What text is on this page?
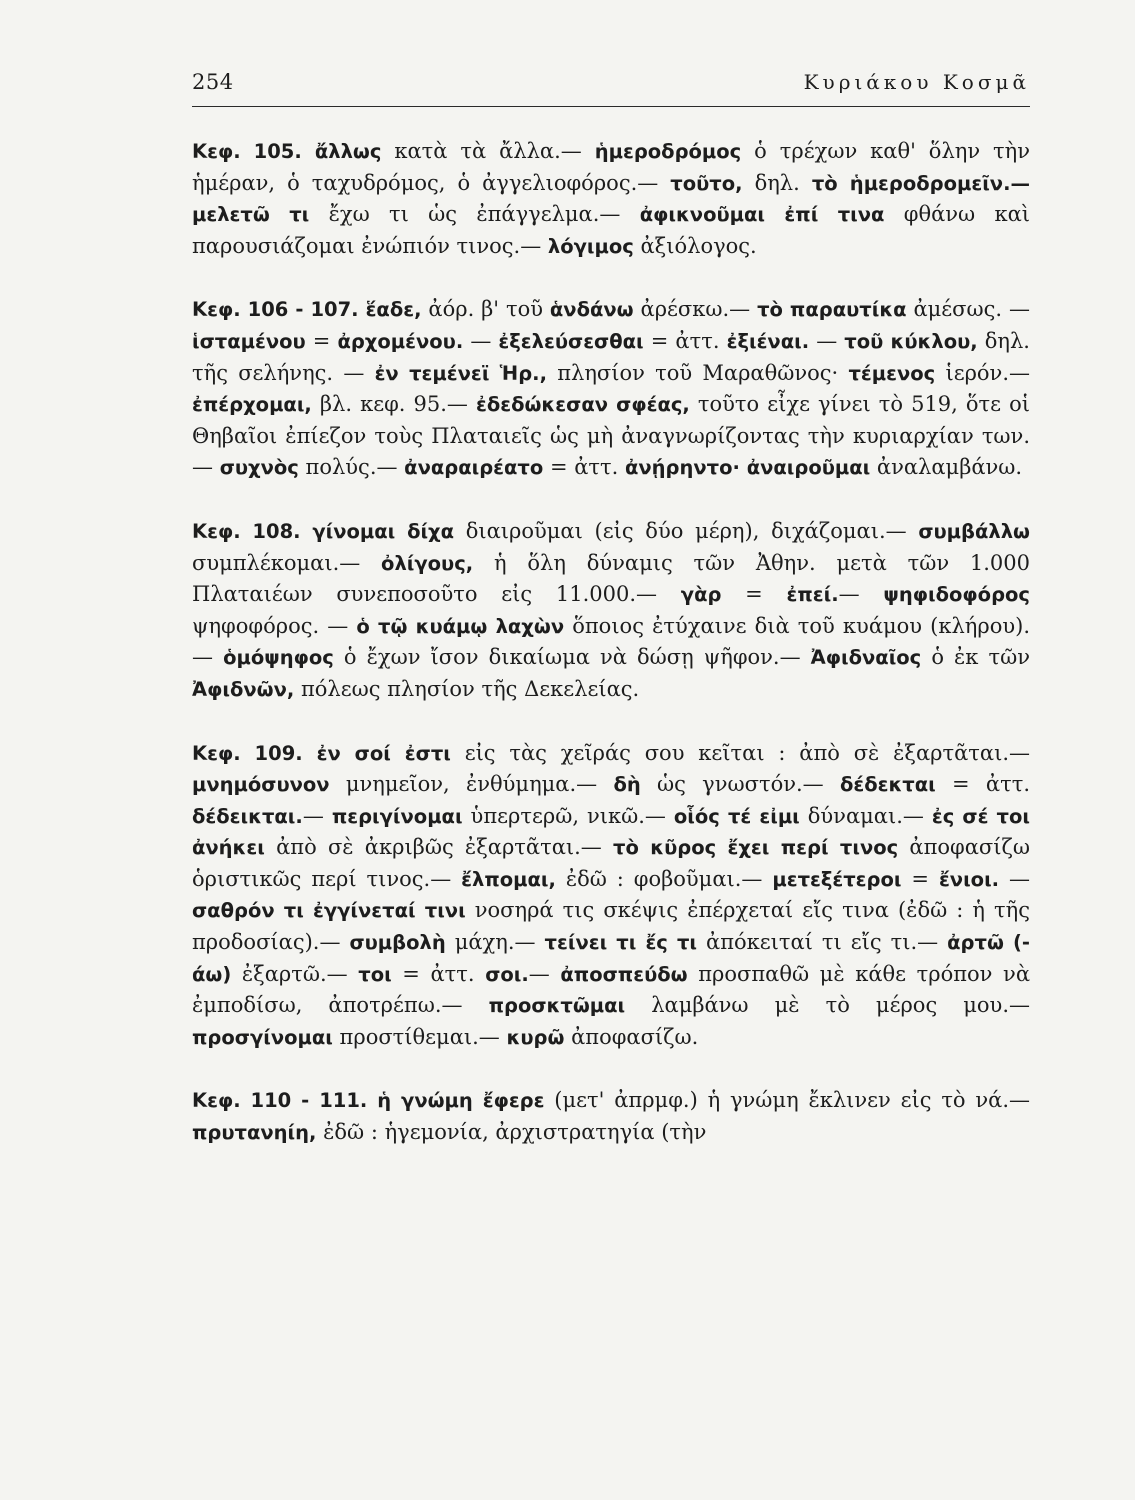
254	Κυριάκου Κοσμᾶ

Κεφ. 105. ἄλλως κατὰ τὰ ἄλλα.— ἡμεροδρόμος ὁ τρέχων καθ' ὅλην τὴν ἡμέραν, ὁ ταχυδρόμος, ὁ ἀγγελιοφόρος.— τοῦτο, δηλ. τὸ ἡμεροδρομεῖν.— μελετῶ τι ἔχω τι ὡς ἐπάγγελμα.— ἀφικνοῦμαι ἐπί τινα φθάνω καὶ παρουσιάζομαι ἐνώπιόν τινος.— λόγιμος ἀξιόλογος.

Κεφ. 106 - 107. ἕαδε, ἀόρ. β' τοῦ ἁνδάνω ἀρέσκω.— τὸ παραυτίκα ἀμέσως. — ἱσταμένου = ἀρχομένου. — ἐξελεύσεσθαι = ἀττ. ἐξιέναι. — τοῦ κύκλου, δηλ. τῆς σελήνης. — ἐν τεμένεϊ Ἡρ., πλησίον τοῦ Μαραθῶνος· τέμενος ἱερόν.— ἐπέρχομαι, βλ. κεφ. 95.— ἐδεδώκεσαν σφέας, τοῦτο εἶχε γίνει τὸ 519, ὅτε οἱ Θηβαῖοι ἐπίεζον τοὺς Πλαταιεῖς ὡς μὴ ἀναγνωρίζοντας τὴν κυριαρχίαν των.— συχνὸς πολύς.— ἀναραιρέατο = ἀττ. ἀνῄρηντο· ἀναιροῦμαι ἀναλαμβάνω.

Κεφ. 108. γίνομαι δίχα διαιροῦμαι (εἰς δύο μέρη), διχάζομαι.— συμβάλλω συμπλέκομαι.— ὀλίγους, ἡ ὅλη δύναμις τῶν Ἀθην. μετὰ τῶν 1.000 Πλαταιέων συνεποσοῦτο εἰς 11.000.— γὰρ = ἐπεί.— ψηφιδοφόρος ψηφοφόρος. — ὁ τῷ κυάμῳ λαχὼν ὅποιος ἐτύχαινε διὰ τοῦ κυάμου (κλήρου).— ὁμόψηφος ὁ ἔχων ἴσον δικαίωμα νὰ δώσῃ ψῆφον.— Ἀφιδναῖος ὁ ἐκ τῶν Ἀφιδνῶν, πόλεως πλησίον τῆς Δεκελείας.

Κεφ. 109. ἐν σοί ἐστι εἰς τὰς χεῖράς σου κεῖται : ἀπὸ σὲ ἐξαρτᾶται.— μνημόσυνον μνημεῖον, ἐνθύμημα.— δὴ ὡς γνωστόν.— δέδεκται = ἀττ. δέδεικται.— περιγίνομαι ὑπερτερῶ, νικῶ.— οἷός τέ εἰμι δύναμαι.— ἐς σέ τοι ἀνήκει ἀπὸ σὲ ἀκριβῶς ἐξαρτᾶται.— τὸ κῦρος ἔχει περί τινος ἀποφασίζω ὁριστικῶς περί τινος.— ἔλπομαι, ἐδῶ : φοβοῦμαι.— μετεξέτεροι = ἔνιοι. — σαθρόν τι ἐγγίνεταί τινι νοσηρά τις σκέψις ἐπέρχεταί εἴς τινα (ἐδῶ : ἡ τῆς προδοσίας).— συμβολὴ μάχη.— τείνει τι ἔς τι ἀπόκειταί τι εἴς τι.— ἀρτῶ (- άω) ἐξαρτῶ.— τοι = ἀττ. σοι.— ἀποσπεύδω προσπαθῶ μὲ κάθε τρόπον νὰ ἐμποδίσω, ἀποτρέπω.— προσκτῶμαι λαμβάνω μὲ τὸ μέρος μου.— προσγίνομαι προστίθεμαι.— κυρῶ ἀποφασίζω.

Κεφ. 110 - 111. ἡ γνώμη ἔφερε (μετ' ἀπρμφ.) ἡ γνώμη ἔκλινεν εἰς τὸ νά.— πρυτανηίη, ἐδῶ : ἡγεμονία, ἀρχιστρατηγία (τὴν
